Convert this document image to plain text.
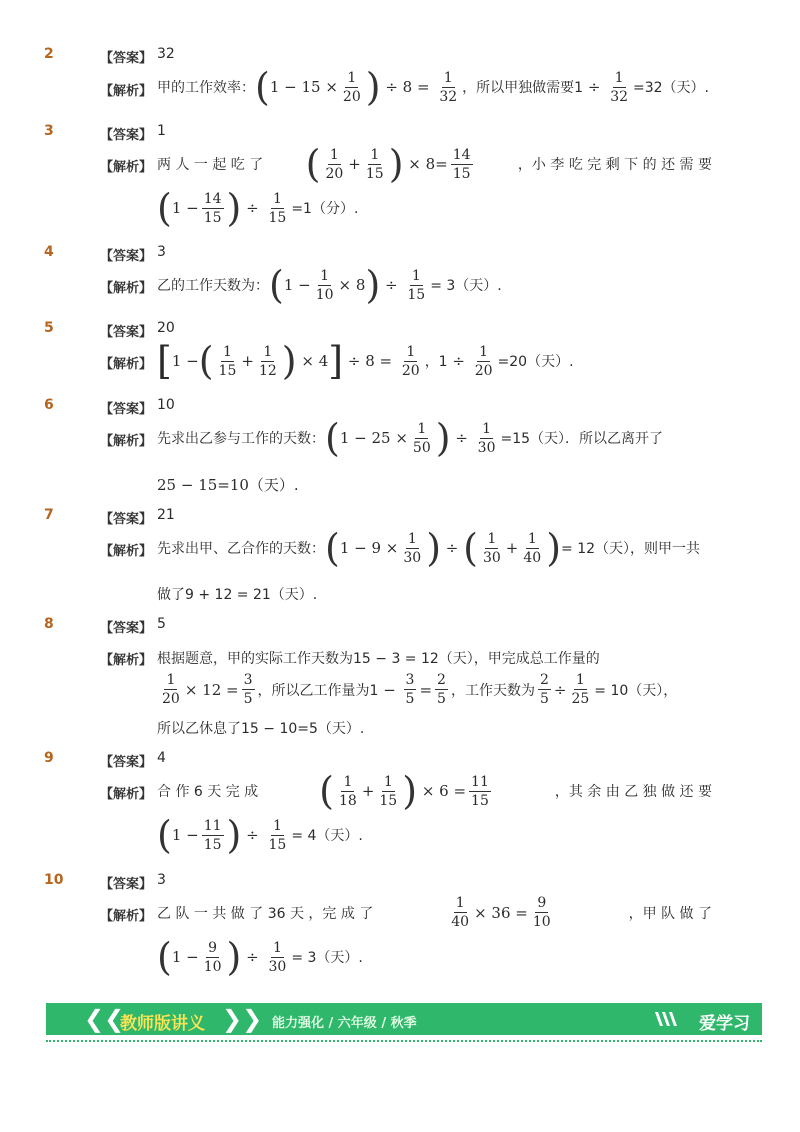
2	【答案】 32
【解析】 甲的工作效率： ( $1 - 15 \times \frac{1}{20}$ ) ÷ $8 = \frac{1}{32}$ ，所以甲独做需要$1 \div \frac{1}{32} =32$（天）.
3	【答案】 1
【解析】 两 人 一 起 吃 了 ( $\frac{1}{20} + \frac{1}{15}$ ) × $8= \frac{14}{15}$	，小 李 吃 完 剩 下 的 还 需 要
( $1 - \frac{14}{15}$ ) ÷ $\frac{1}{15} =1$（分）.
4	【答案】 3
【解析】 乙的工作天数为： ( $1 - \frac{1}{10} \times 8$ ) ÷ $\frac{1}{15} = 3$（天）.
5	【答案】 20
【解析】 [ 1 − ( $\frac{1}{15} + \frac{1}{12}$ ) × 4 ] ÷ $8 = \frac{1}{20}$ ，$1 \div \frac{1}{20} =20$（天）.
6	【答案】 10
【解析】 先求出乙参与工作的天数： ( $1 - 25 \times \frac{1}{50}$ ) ÷ $\frac{1}{30} =15$（天）．所以乙离开了
25 − 15=10（天）.
7	【答案】 21
【解析】 先求出甲、乙合作的天数： ( $1 - 9 \times \frac{1}{30}$ ) ÷ ( $\frac{1}{30} + \frac{1}{40}$ ) = 12（天），则甲一共
做了9 + 12 = 21（天）.
8	【答案】 5
【解析】 根据题意，甲的实际工作天数为15 − 3 = 12（天），甲完成总工作量的
$\frac{1}{20} \times 12 = \frac{3}{5}$ ，所以乙工作量为$1 - \frac{3}{5} = \frac{2}{5}$ ，工作天数为 $\frac{2}{5} \div \frac{1}{25} = 10$（天），
所以乙休息了15 − 10=5（天）.
9	【答案】 4
【解析】 合 作 6 天 完 成 ( $\frac{1}{18} + \frac{1}{15}$ ) × $6 = \frac{11}{15}$	，其 余 由 乙 独 做 还 要
( $1 - \frac{11}{15}$ ) ÷ $\frac{1}{15} = 4$（天）.
10	【答案】 3
【解析】 乙 队 一 共 做 了 36 天 ，完 成 了	$\frac{1}{40} \times 36 = \frac{9}{10}$	，甲 队 做 了
( $1 - \frac{9}{10}$ ) ÷ $\frac{1}{30} = 3$（天）.
❮❮
教师版讲义 ❯❯ 能力强化 / 六年级 / 秋季	爱学习
